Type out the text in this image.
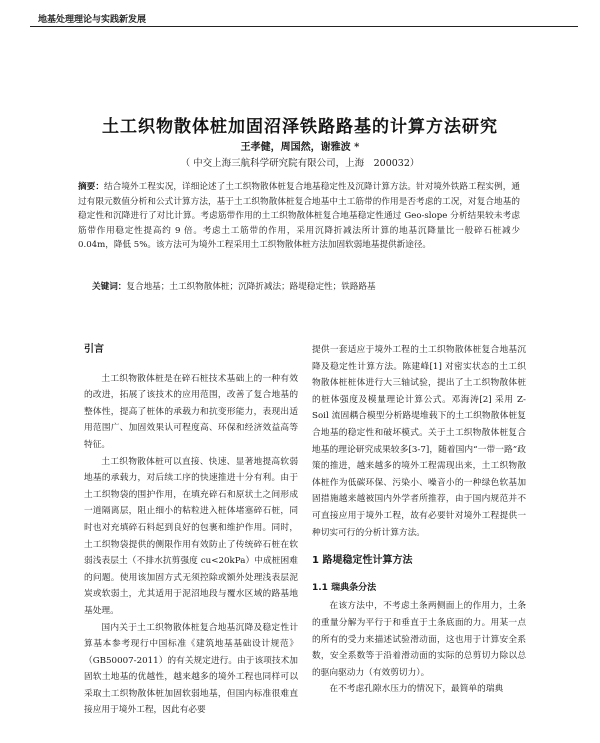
地基处理理论与实践新发展
土工织物散体桩加固沼泽铁路路基的计算方法研究
王孝健，周国然，谢雅波 *
（ 中交上海三航科学研究院有限公司，上海　200032）
摘要：结合境外工程实况，详细论述了土工织物散体桩复合地基稳定性及沉降计算方法。针对境外铁路工程实例，通过有限元数值分析和公式计算方法，基于土工织物散体桩复合地基中土工筋带的作用是否考虑的工况，对复合地基的稳定性和沉降进行了对比计算。考虑筋带作用的土工织物散体桩复合地基稳定性通过 Geo-slope 分析结果较未考虑筋带作用稳定性提高约 9 倍。考虑土工筋带的作用，采用沉降折减法所计算的地基沉降量比一般碎石桩减少 0.04m，降低 5%。该方法可为境外工程采用土工织物散体桩方法加固软弱地基提供新途径。
关键词：复合地基；土工织物散体桩；沉降折减法；路堤稳定性；铁路路基

引言

土工织物散体桩是在碎石桩技术基础上的一种有效的改进，拓展了该技术的应用范围，改善了复合地基的整体性，提高了桩体的承载力和抗变形能力，表现出适用范围广、加固效果认可程度高、环保和经济效益高等特征。

土工织物散体桩可以直接、快速、显著地提高软弱地基的承载力，对后续工序的快速推进十分有利。由于土工织物袋的围护作用，在填充碎石和原状土之间形成一道隔离层，阻止细小的粘粒进入桩体堵塞碎石桩，同时也对充填碎石料起到良好的包裹和维护作用。同时，土工织物袋提供的侧限作用有效防止了传统碎石桩在软弱浅表层土（不排水抗剪强度 cu<20kPa）中成桩困难的问题。使用该加固方式无须控除或额外处理浅表层泥炭或软弱土，尤其适用于泥沼地段与覆水区域的路基地基处理。

国内关于土工织物散体桩复合地基沉降及稳定性计算基本参考现行中国标准《建筑地基基础设计规范》（GB50007-2011）的有关规定进行。由于该项技术加固软土地基的优越性，越来越多的境外工程也同样可以采取土工织物散体桩加固软弱地基，但国内标准很难直接应用于境外工程，因此有必要

提供一套适应于境外工程的土工织物散体桩复合地基沉降及稳定性计算方法。陈建峰[1] 对密实状态的土工织物散体桩桩体进行大三轴试验，提出了土工织物散体桩的桩体强度及模量理论计算公式。邓海涛[2] 采用 Z-Soil 流固耦合模型分析路堤堆载下的土工织物散体桩复合地基的稳定性和破坏模式。关于土工织物散体桩复合地基的理论研究成果较多[3-7]，随着国内“一带一路”政策的推进，越来越多的境外工程需现出来，土工织物散体桩作为低碳环保、污染小、噪音小的一种绿色软基加固措施越来越被国内外学者所推荐，由于国内规范并不可直接应用于境外工程，故有必要针对境外工程提供一种切实可行的分析计算方法。

1 路堤稳定性计算方法

1.1 瑞典条分法

在该方法中，不考虑土条两侧面上的作用力，土条的重量分解为平行于和垂直于土条底面的力。用某一点的所有的受力来描述试验滑动面，这也用于计算安全系数，安全系数等于沿着滑动面的实际的总剪切力除以总的驱向驱动力（有效剪切力）。

在不考虑孔隙水压力的情况下，最简单的瑞典
